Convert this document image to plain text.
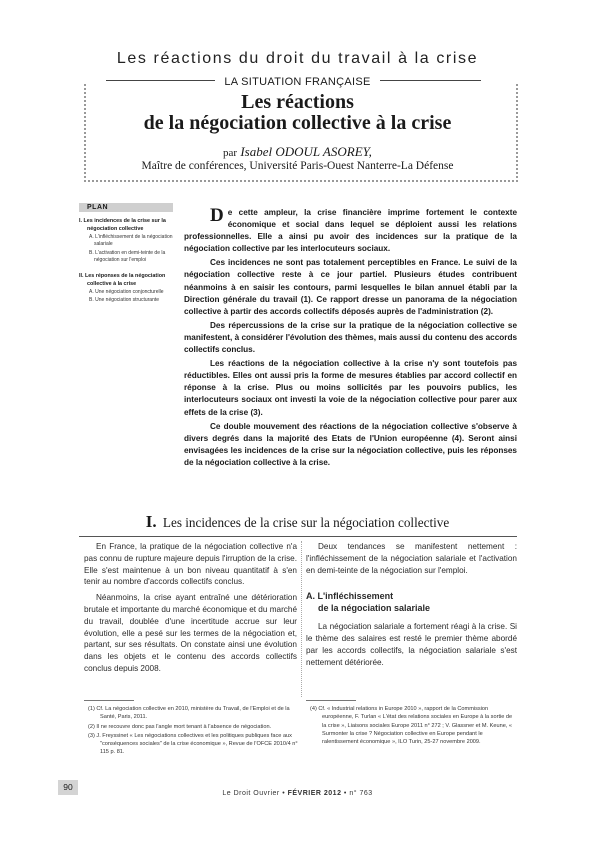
Les réactions du droit du travail à la crise
LA SITUATION FRANÇAISE
Les réactions
de la négociation collective à la crise
par Isabel ODOUL ASOREY,
Maître de conférences, Université Paris-Ouest Nanterre-La Défense
PLAN
I. Les incidences de la crise sur la négociation collective
A. L'infléchissement de la négociation salariale
B. L'activation en demi-teinte de la négociation sur l'emploi
II. Les réponses de la négociation collective à la crise
A. Une négociation conjoncturelle
B. Une négociation structurante

De cette ampleur, la crise financière imprime fortement le contexte économique et social dans lequel se déploient aussi les relations professionnelles. Elle a ainsi pu avoir des incidences sur la pratique de la négociation collective par les interlocuteurs sociaux.

Ces incidences ne sont pas totalement perceptibles en France. Le suivi de la négociation collective reste à ce jour partiel. Plusieurs études contribuent néanmoins à en saisir les contours, parmi lesquelles le bilan annuel établi par la Direction générale du travail (1). Ce rapport dresse un panorama de la négociation collective à partir des accords collectifs déposés auprès de l'administration (2).

Des répercussions de la crise sur la pratique de la négociation collective se manifestent, à considérer l'évolution des thèmes, mais aussi du contenu des accords collectifs conclus.

Les réactions de la négociation collective à la crise n'y sont toutefois pas réductibles. Elles ont aussi pris la forme de mesures établies par accord collectif en réponse à la crise. Plus ou moins sollicités par les pouvoirs publics, les interlocuteurs sociaux ont investi la voie de la négociation collective pour parer aux effets de la crise (3).

Ce double mouvement des réactions de la négociation collective s'observe à divers degrés dans la majorité des Etats de l'Union européenne (4). Seront ainsi envisagées les incidences de la crise sur la négociation collective, puis les réponses de la négociation collective à la crise.

I. Les incidences de la crise sur la négociation collective

En France, la pratique de la négociation collective n'a pas connu de rupture majeure depuis l'irruption de la crise. Elle s'est maintenue à un bon niveau quantitatif à s'en tenir au nombre d'accords collectifs conclus.

Néanmoins, la crise ayant entraîné une détérioration brutale et importante du marché économique et du marché du travail, doublée d'une incertitude accrue sur leur évolution, elle a pesé sur les termes de la négociation et, partant, sur ses résultats. On constate ainsi une évolution dans les objets et le contenu des accords collectifs conclus depuis 2008.

Deux tendances se manifestent nettement : l'infléchissement de la négociation salariale et l'activation en demi-teinte de la négociation sur l'emploi.

A. L'infléchissement
de la négociation salariale

La négociation salariale a fortement réagi à la crise. Si le thème des salaires est resté le premier thème abordé par les accords collectifs, la négociation salariale s'est nettement détériorée.

(1) Cf. La négociation collective en 2010, ministère du Travail, de l'Emploi et de la Santé, Paris, 2011.
(2) Il ne recouvre donc pas l'angle mort tenant à l'absence de négociation.
(3) J. Freyssinet « Les négociations collectives et les politiques publiques face aux "conséquences sociales" de la crise économique », Revue de l'OFCE 2010/4 n° 115 p. 81.
(4) Cf. « Industrial relations in Europe 2010 », rapport de la Commission européenne, F. Turlan « L'état des relations sociales en Europe à la sortie de la crise », Liaisons sociales Europe 2011 n° 272 ; V. Glassner et M. Keune, « Surmonter la crise ? Négociation collective en Europe pendant le ralentissement économique », ILO Turin, 25-27 novembre 2009.
90
Le Droit Ouvrier • FÉVRIER 2012 • n° 763
